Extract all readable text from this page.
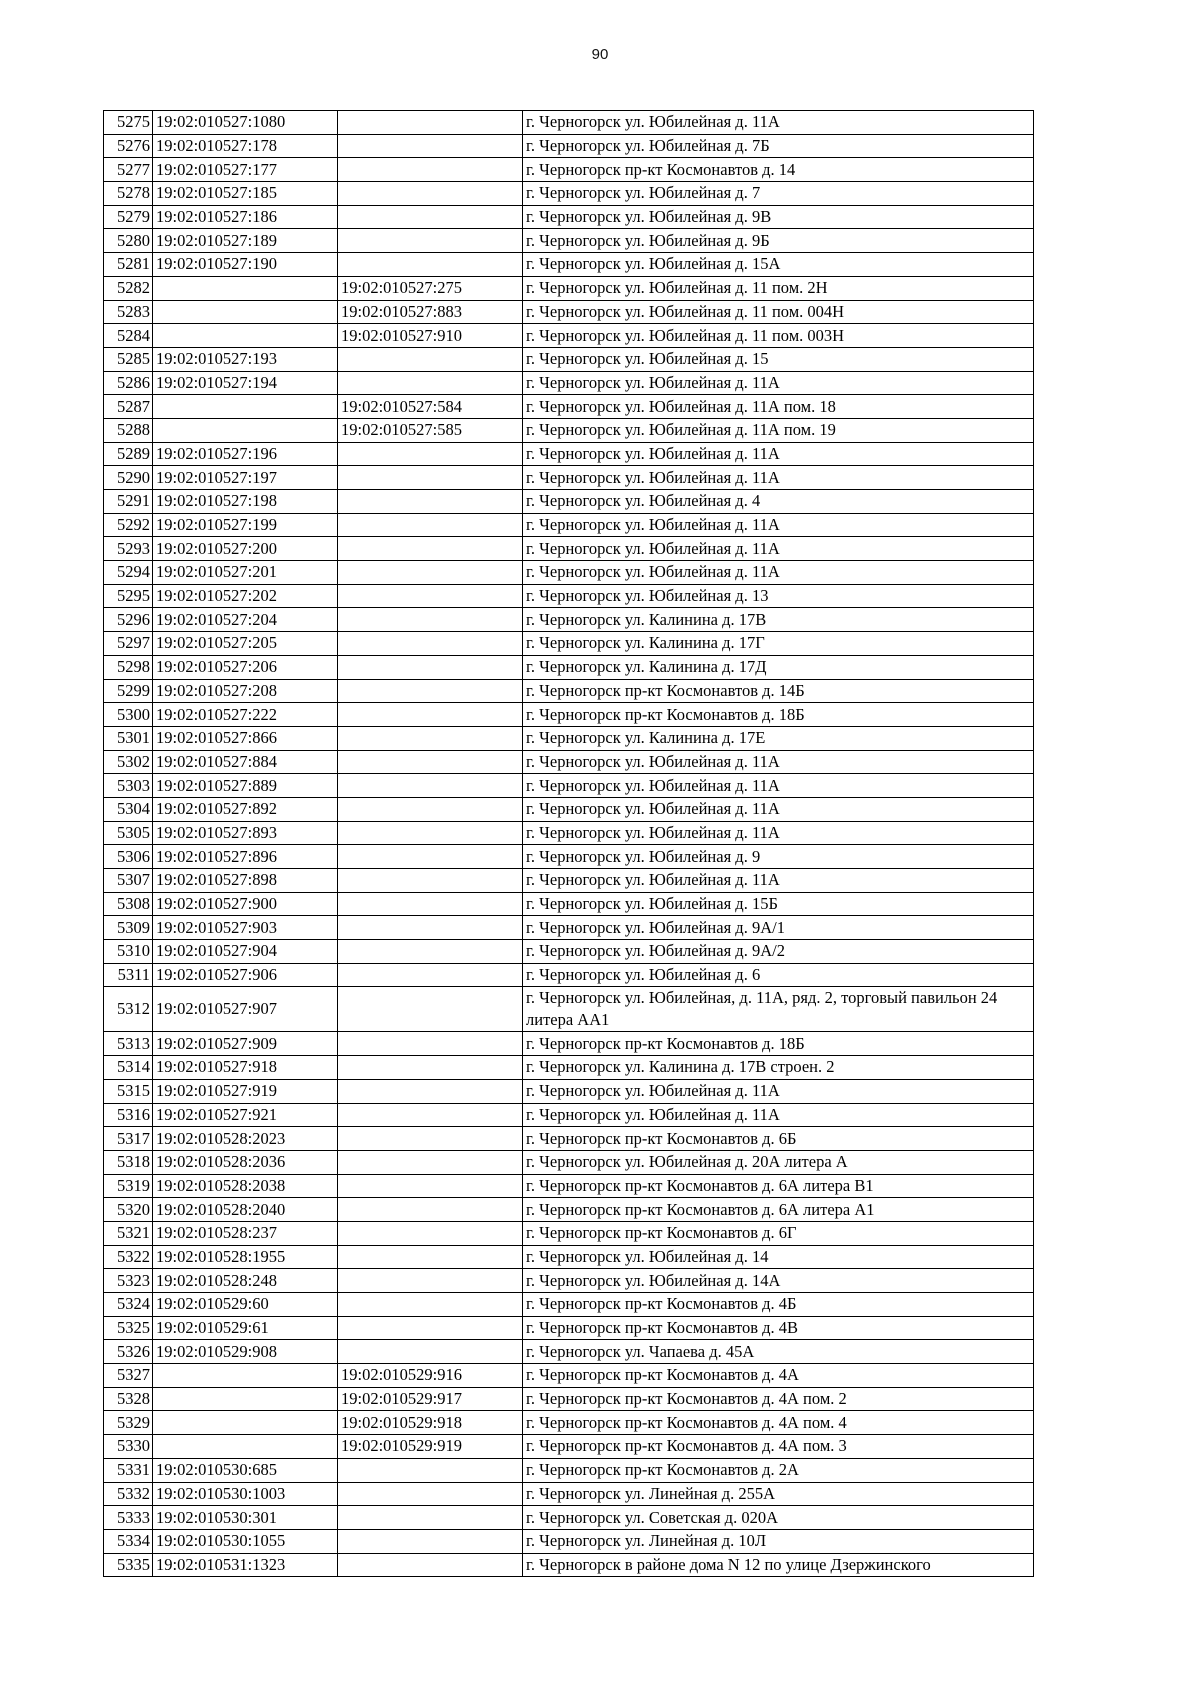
90
5275	19:02:010527:1080		г. Черногорск ул. Юбилейная д. 11А
5276	19:02:010527:178		г. Черногорск ул. Юбилейная д. 7Б
5277	19:02:010527:177		г. Черногорск пр-кт Космонавтов д. 14
5278	19:02:010527:185		г. Черногорск ул. Юбилейная д. 7
5279	19:02:010527:186		г. Черногорск ул. Юбилейная д. 9В
5280	19:02:010527:189		г. Черногорск ул. Юбилейная д. 9Б
5281	19:02:010527:190		г. Черногорск ул. Юбилейная д. 15А
5282		19:02:010527:275	г. Черногорск ул. Юбилейная д. 11 пом. 2Н
5283		19:02:010527:883	г. Черногорск ул. Юбилейная д. 11 пом. 004Н
5284		19:02:010527:910	г. Черногорск ул. Юбилейная д. 11 пом. 003Н
5285	19:02:010527:193		г. Черногорск ул. Юбилейная д. 15
5286	19:02:010527:194		г. Черногорск ул. Юбилейная д. 11А
5287		19:02:010527:584	г. Черногорск ул. Юбилейная д. 11А пом. 18
5288		19:02:010527:585	г. Черногорск ул. Юбилейная д. 11А пом. 19
5289	19:02:010527:196		г. Черногорск ул. Юбилейная д. 11А
5290	19:02:010527:197		г. Черногорск ул. Юбилейная д. 11А
5291	19:02:010527:198		г. Черногорск ул. Юбилейная д. 4
5292	19:02:010527:199		г. Черногорск ул. Юбилейная д. 11А
5293	19:02:010527:200		г. Черногорск ул. Юбилейная д. 11А
5294	19:02:010527:201		г. Черногорск ул. Юбилейная д. 11А
5295	19:02:010527:202		г. Черногорск ул. Юбилейная д. 13
5296	19:02:010527:204		г. Черногорск ул. Калинина д. 17В
5297	19:02:010527:205		г. Черногорск ул. Калинина д. 17Г
5298	19:02:010527:206		г. Черногорск ул. Калинина д. 17Д
5299	19:02:010527:208		г. Черногорск пр-кт Космонавтов д. 14Б
5300	19:02:010527:222		г. Черногорск пр-кт Космонавтов д. 18Б
5301	19:02:010527:866		г. Черногорск ул. Калинина д. 17Е
5302	19:02:010527:884		г. Черногорск ул. Юбилейная д. 11А
5303	19:02:010527:889		г. Черногорск ул. Юбилейная д. 11А
5304	19:02:010527:892		г. Черногорск ул. Юбилейная д. 11А
5305	19:02:010527:893		г. Черногорск ул. Юбилейная д. 11А
5306	19:02:010527:896		г. Черногорск ул. Юбилейная д. 9
5307	19:02:010527:898		г. Черногорск ул. Юбилейная д. 11А
5308	19:02:010527:900		г. Черногорск ул. Юбилейная д. 15Б
5309	19:02:010527:903		г. Черногорск ул. Юбилейная д. 9А/1
5310	19:02:010527:904		г. Черногорск ул. Юбилейная д. 9А/2
5311	19:02:010527:906		г. Черногорск ул. Юбилейная д. 6
5312	19:02:010527:907		г. Черногорск ул. Юбилейная, д. 11А, ряд. 2, торговый павильон 24 литера АА1
5313	19:02:010527:909		г. Черногорск пр-кт Космонавтов д. 18Б
5314	19:02:010527:918		г. Черногорск ул. Калинина д. 17В строен. 2
5315	19:02:010527:919		г. Черногорск ул. Юбилейная д. 11А
5316	19:02:010527:921		г. Черногорск ул. Юбилейная д. 11А
5317	19:02:010528:2023		г. Черногорск пр-кт Космонавтов д. 6Б
5318	19:02:010528:2036		г. Черногорск ул. Юбилейная д. 20А литера А
5319	19:02:010528:2038		г. Черногорск пр-кт Космонавтов д. 6А литера В1
5320	19:02:010528:2040		г. Черногорск пр-кт Космонавтов д. 6А литера А1
5321	19:02:010528:237		г. Черногорск пр-кт Космонавтов д. 6Г
5322	19:02:010528:1955		г. Черногорск ул. Юбилейная д. 14
5323	19:02:010528:248		г. Черногорск ул. Юбилейная д. 14А
5324	19:02:010529:60		г. Черногорск пр-кт Космонавтов д. 4Б
5325	19:02:010529:61		г. Черногорск пр-кт Космонавтов д. 4В
5326	19:02:010529:908		г. Черногорск ул. Чапаева д. 45А
5327		19:02:010529:916	г. Черногорск пр-кт Космонавтов д. 4А
5328		19:02:010529:917	г. Черногорск пр-кт Космонавтов д. 4А пом. 2
5329		19:02:010529:918	г. Черногорск пр-кт Космонавтов д. 4А пом. 4
5330		19:02:010529:919	г. Черногорск пр-кт Космонавтов д. 4А пом. 3
5331	19:02:010530:685		г. Черногорск пр-кт Космонавтов д. 2А
5332	19:02:010530:1003		г. Черногорск ул. Линейная д. 255А
5333	19:02:010530:301		г. Черногорск ул. Советская д. 020А
5334	19:02:010530:1055		г. Черногорск ул. Линейная д. 10Л
5335	19:02:010531:1323		г. Черногорск в районе дома N 12 по улице Дзержинского
